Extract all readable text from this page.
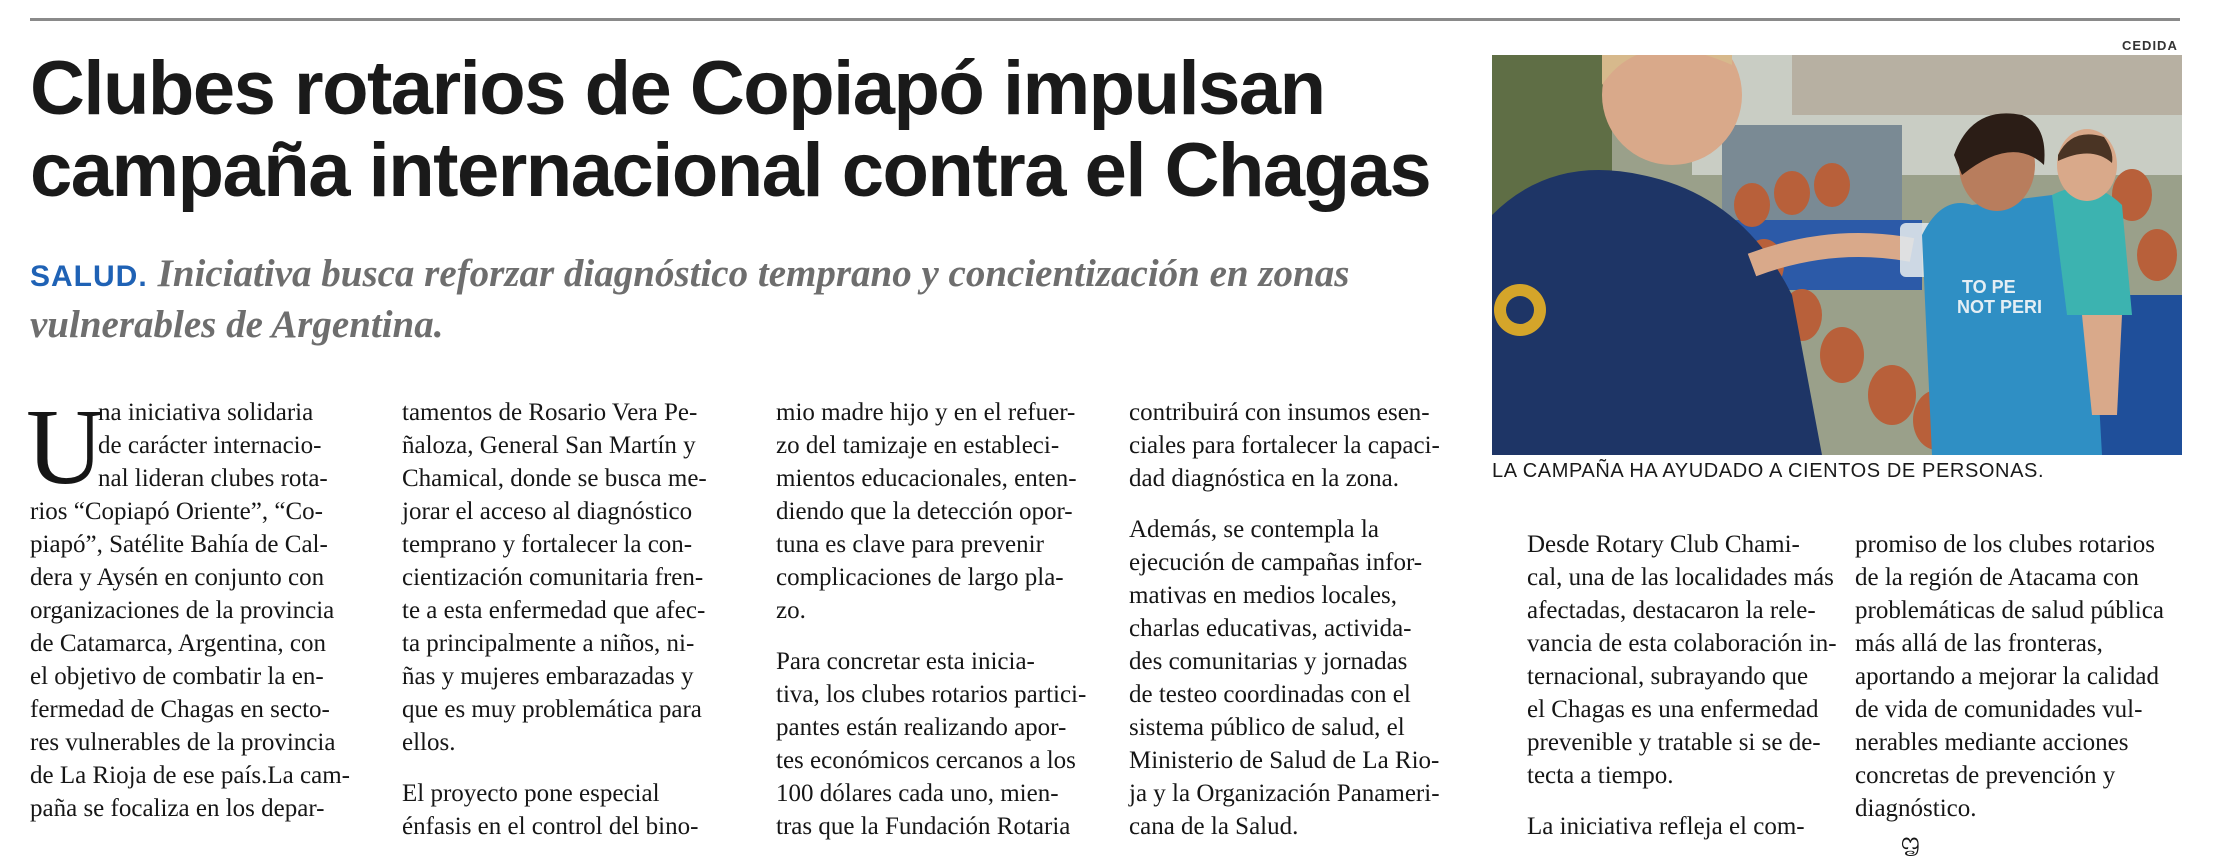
Clubes rotarios de Copiapó impulsan
campaña internacional contra el Chagas
SALUD. Iniciativa busca reforzar diagnóstico temprano y concientización en zonas vulnerables de Argentina.
U
na iniciativa solidaria
de carácter internacio-
nal lideran clubes rota-
rios “Copiapó Oriente”, “Co-
piapó”, Satélite Bahía de Cal-
dera y Aysén en conjunto con
organizaciones de la provincia
de Catamarca, Argentina, con
el objetivo de combatir la en-
fermedad de Chagas en secto-
res vulnerables de la provincia
de La Rioja de ese país.La cam-
paña se focaliza en los depar-
tamentos de Rosario Vera Pe-
ñaloza, General San Martín y
Chamical, donde se busca me-
jorar el acceso al diagnóstico
temprano y fortalecer la con-
cientización comunitaria fren-
te a esta enfermedad que afec-
ta principalmente a niños, ni-
ñas y mujeres embarazadas y
que es muy problemática para
ellos.
El proyecto pone especial
énfasis en el control del bino-
mio madre hijo y en el refuer-
zo del tamizaje en estableci-
mientos educacionales, enten-
diendo que la detección opor-
tuna es clave para prevenir
complicaciones de largo pla-
zo.
Para concretar esta inicia-
tiva, los clubes rotarios partici-
pantes están realizando apor-
tes económicos cercanos a los
100 dólares cada uno, mien-
tras que la Fundación Rotaria
contribuirá con insumos esen-
ciales para fortalecer la capaci-
dad diagnóstica en la zona.
Además, se contempla la
ejecución de campañas infor-
mativas en medios locales,
charlas educativas, activida-
des comunitarias y jornadas
de testeo coordinadas con el
sistema público de salud, el
Ministerio de Salud de La Rio-
ja y la Organización Panameri-
cana de la Salud.
Desde Rotary Club Chami-
cal, una de las localidades más
afectadas, destacaron la rele-
vancia de esta colaboración in-
ternacional, subrayando que
el Chagas es una enfermedad
prevenible y tratable si se de-
tecta a tiempo.
La iniciativa refleja el com-
promiso de los clubes rotarios
de la región de Atacama con
problemáticas de salud pública
más allá de las fronteras,
aportando a mejorar la calidad
de vida de comunidades vul-
nerables mediante acciones
concretas de prevención y
diagnóstico.
ᦗ
CEDIDA
TO PE
NOT PERI
LA CAMPAÑA HA AYUDADO A CIENTOS DE PERSONAS.
